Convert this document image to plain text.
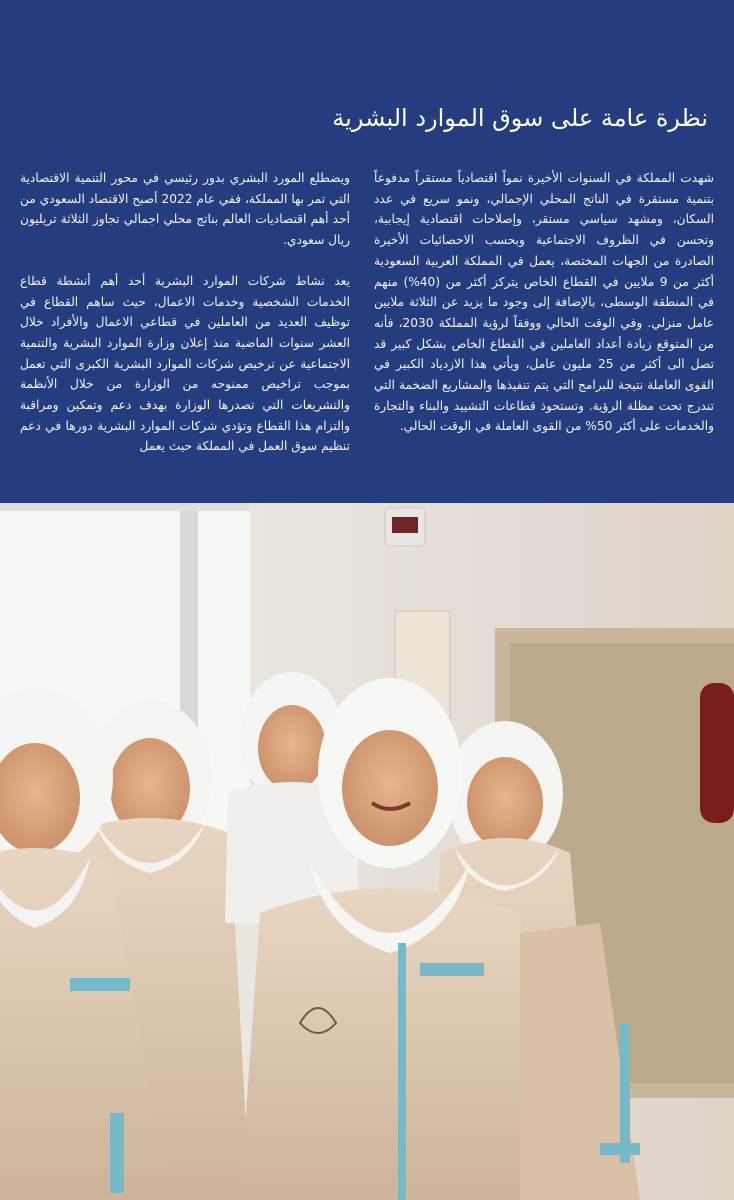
نظرة عامة على سوق الموارد البشرية

شهدت المملكة في السنوات الأخيرة نمواً اقتصادياً مستقراً مدفوعاً بتنمية مستقرة في الناتج المحلي الإجمالي، ونمو سريع في عدد السكان، ومشهد سياسي مستقر، وإصلاحات اقتصادية إيجابية، وتحسن في الظروف الاجتماعية وبحسب الاحصائيات الأخيرة الصادرة من الجهات المختصة، يعمل في المملكة العربية السعودية أكثر من 9 ملايين في القطاع الخاص يتركز أكثر من (40%) منهم في المنطقة الوسطى، بالإضافة إلى وجود ما يزيد عن الثلاثة ملايين عامل منزلي. وفي الوقت الحالي ووفقاً لرؤية المملكة 2030، فأنه من المتوقع زيادة أعداد العاملين في القطاع الخاص بشكل كبير قد تصل الى أكثر من 25 مليون عامل، ويأتي هذا الازدياد الكبير في القوى العاملة نتيجة للبرامج التي يتم تنفيذها والمشاريع الضخمة التي تندرج تحت مظلة الرؤية. وتستحوذ قطاعات التشييد والبناء والتجارة والخدمات على أكثر 50% من القوى العاملة في الوقت الحالي.

ويضطلع المورد البشري بدور رئيسي في محور التنمية الاقتصادية التي تمر بها المملكة، ففي عام 2022 أصبح الاقتصاد السعودي من أحد أهم اقتصاديات العالم بناتج محلي اجمالي تجاوز الثلاثة تريليون ريال سعودي.

يعد نشاط شركات الموارد البشرية أحد أهم أنشطة قطاع الخدمات الشخصية وخدمات الاعمال، حيث ساهم القطاع في توظيف العديد من العاملين في قطاعي الاعمال والأفراد خلال العشر سنوات الماضية منذ إعلان وزارة الموارد البشرية والتنمية الاجتماعية عن ترخيص شركات الموارد البشرية الكبرى التي تعمل بموجب تراخيص ممنوحه من الوزارة من خلال الأنظمة والتشريعات التي تصدرها الوزارة بهدف دعم وتمكين ومراقبة والتزام هذا القطاع وتؤدي شركات الموارد البشرية دورها في دعم تنظيم سوق العمل في المملكة حيث يعمل
